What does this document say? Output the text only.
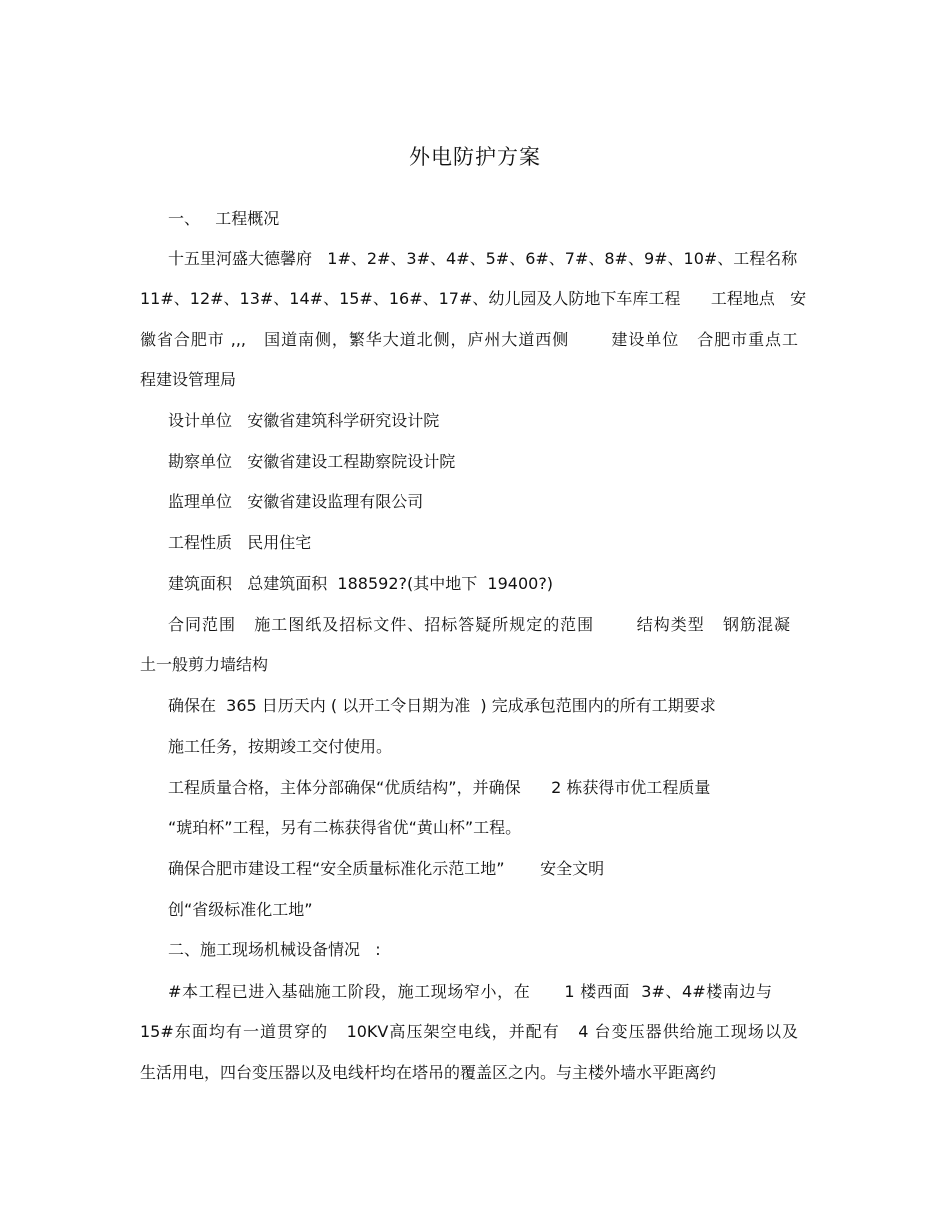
外电防护方案
一、   工程概况
十五里河盛大德馨府   1#、2#、3#、4#、5#、6#、7#、8#、9#、10#、工程名称
11#、12#、13#、14#、15#、16#、17#、幼儿园及人防地下车库工程      工程地点   安
徽省合肥市 ,,,   国道南侧，繁华大道北侧，庐州大道西侧       建设单位   合肥市重点工
程建设管理局
设计单位   安徽省建筑科学研究设计院
勘察单位   安徽省建设工程勘察院设计院
监理单位   安徽省建设监理有限公司
工程性质   民用住宅
建筑面积   总建筑面积  188592?(其中地下  19400?)
合同范围   施工图纸及招标文件、招标答疑所规定的范围       结构类型   钢筋混凝
土一般剪力墙结构
确保在  365 日历天内 ( 以开工令日期为准  ) 完成承包范围内的所有工期要求
施工任务，按期竣工交付使用。
工程质量合格，主体分部确保“优质结构”，并确保      2 栋获得市优工程质量
“琥珀杯”工程，另有二栋获得省优“黄山杯”工程。
确保合肥市建设工程“安全质量标准化示范工地”       安全文明
创“省级标准化工地”
二、施工现场机械设备情况   :
#本工程已进入基础施工阶段，施工现场窄小，在      1 楼西面  3#、4#楼南边与
15#东面均有一道贯穿的   10KV高压架空电线，并配有   4 台变压器供给施工现场以及
生活用电，四台变压器以及电线杆均在塔吊的覆盖区之内。与主楼外墙水平距离约
